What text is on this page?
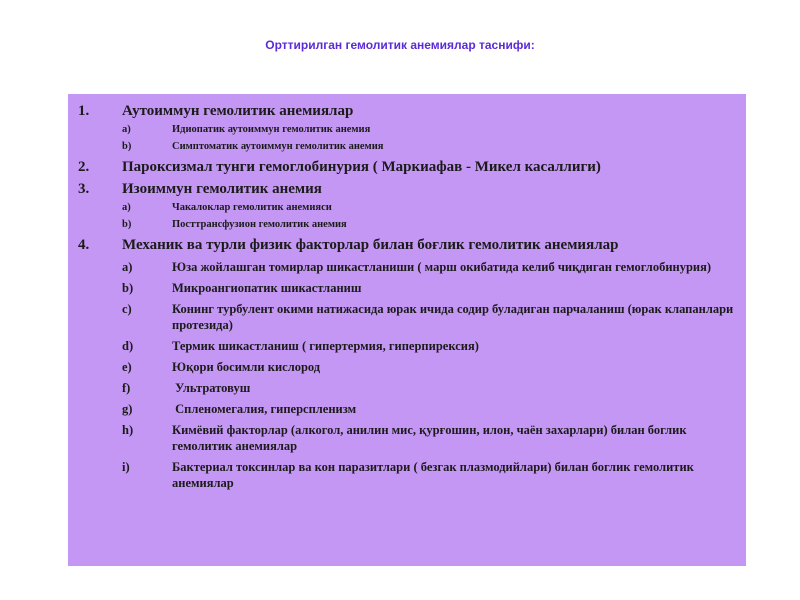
Орттирилган гемолитик анемиялар таснифи:
1.	Аутоиммун гемолитик анемиялар
a)	Идиопатик аутоиммун гемолитик анемия
b)	Симптоматик аутоиммун гемолитик анемия
2.	Пароксизмал тунги гемоглобинурия ( Маркиафав - Микел касаллиги)
3.	Изоиммун гемолитик анемия
a)	Чакалоклар гемолитик анемияси
b)	Посттрансфузион гемолитик анемия
4.	Механик ва турли физик факторлар билан боғлик гемолитик анемиялар
a)	Юза жойлашган томирлар шикастланиши ( марш окибатида келиб чиқдиган гемоглобинурия)
b)	Микроангиопатик шикастланиш
c)	Конинг турбулент окими натижасида юрак ичида содир буладиган парчаланиш (юрак клапанлари протезида)
d)	Термик шикастланиш ( гипертермия, гиперпирексия)
e)	Юқори босимли кислород
f)	Ультратовуш
g)	Спленомегалия, гиперспленизм
h)	Кимёвий факторлар (алкогол, анилин мис, қурғошин, илон, чаён захарлари) билан боглик гемолитик анемиялар
i)	Бактериал токсинлар ва кон паразитлари ( безгак плазмодийлари) билан боглик гемолитик анемиялар
